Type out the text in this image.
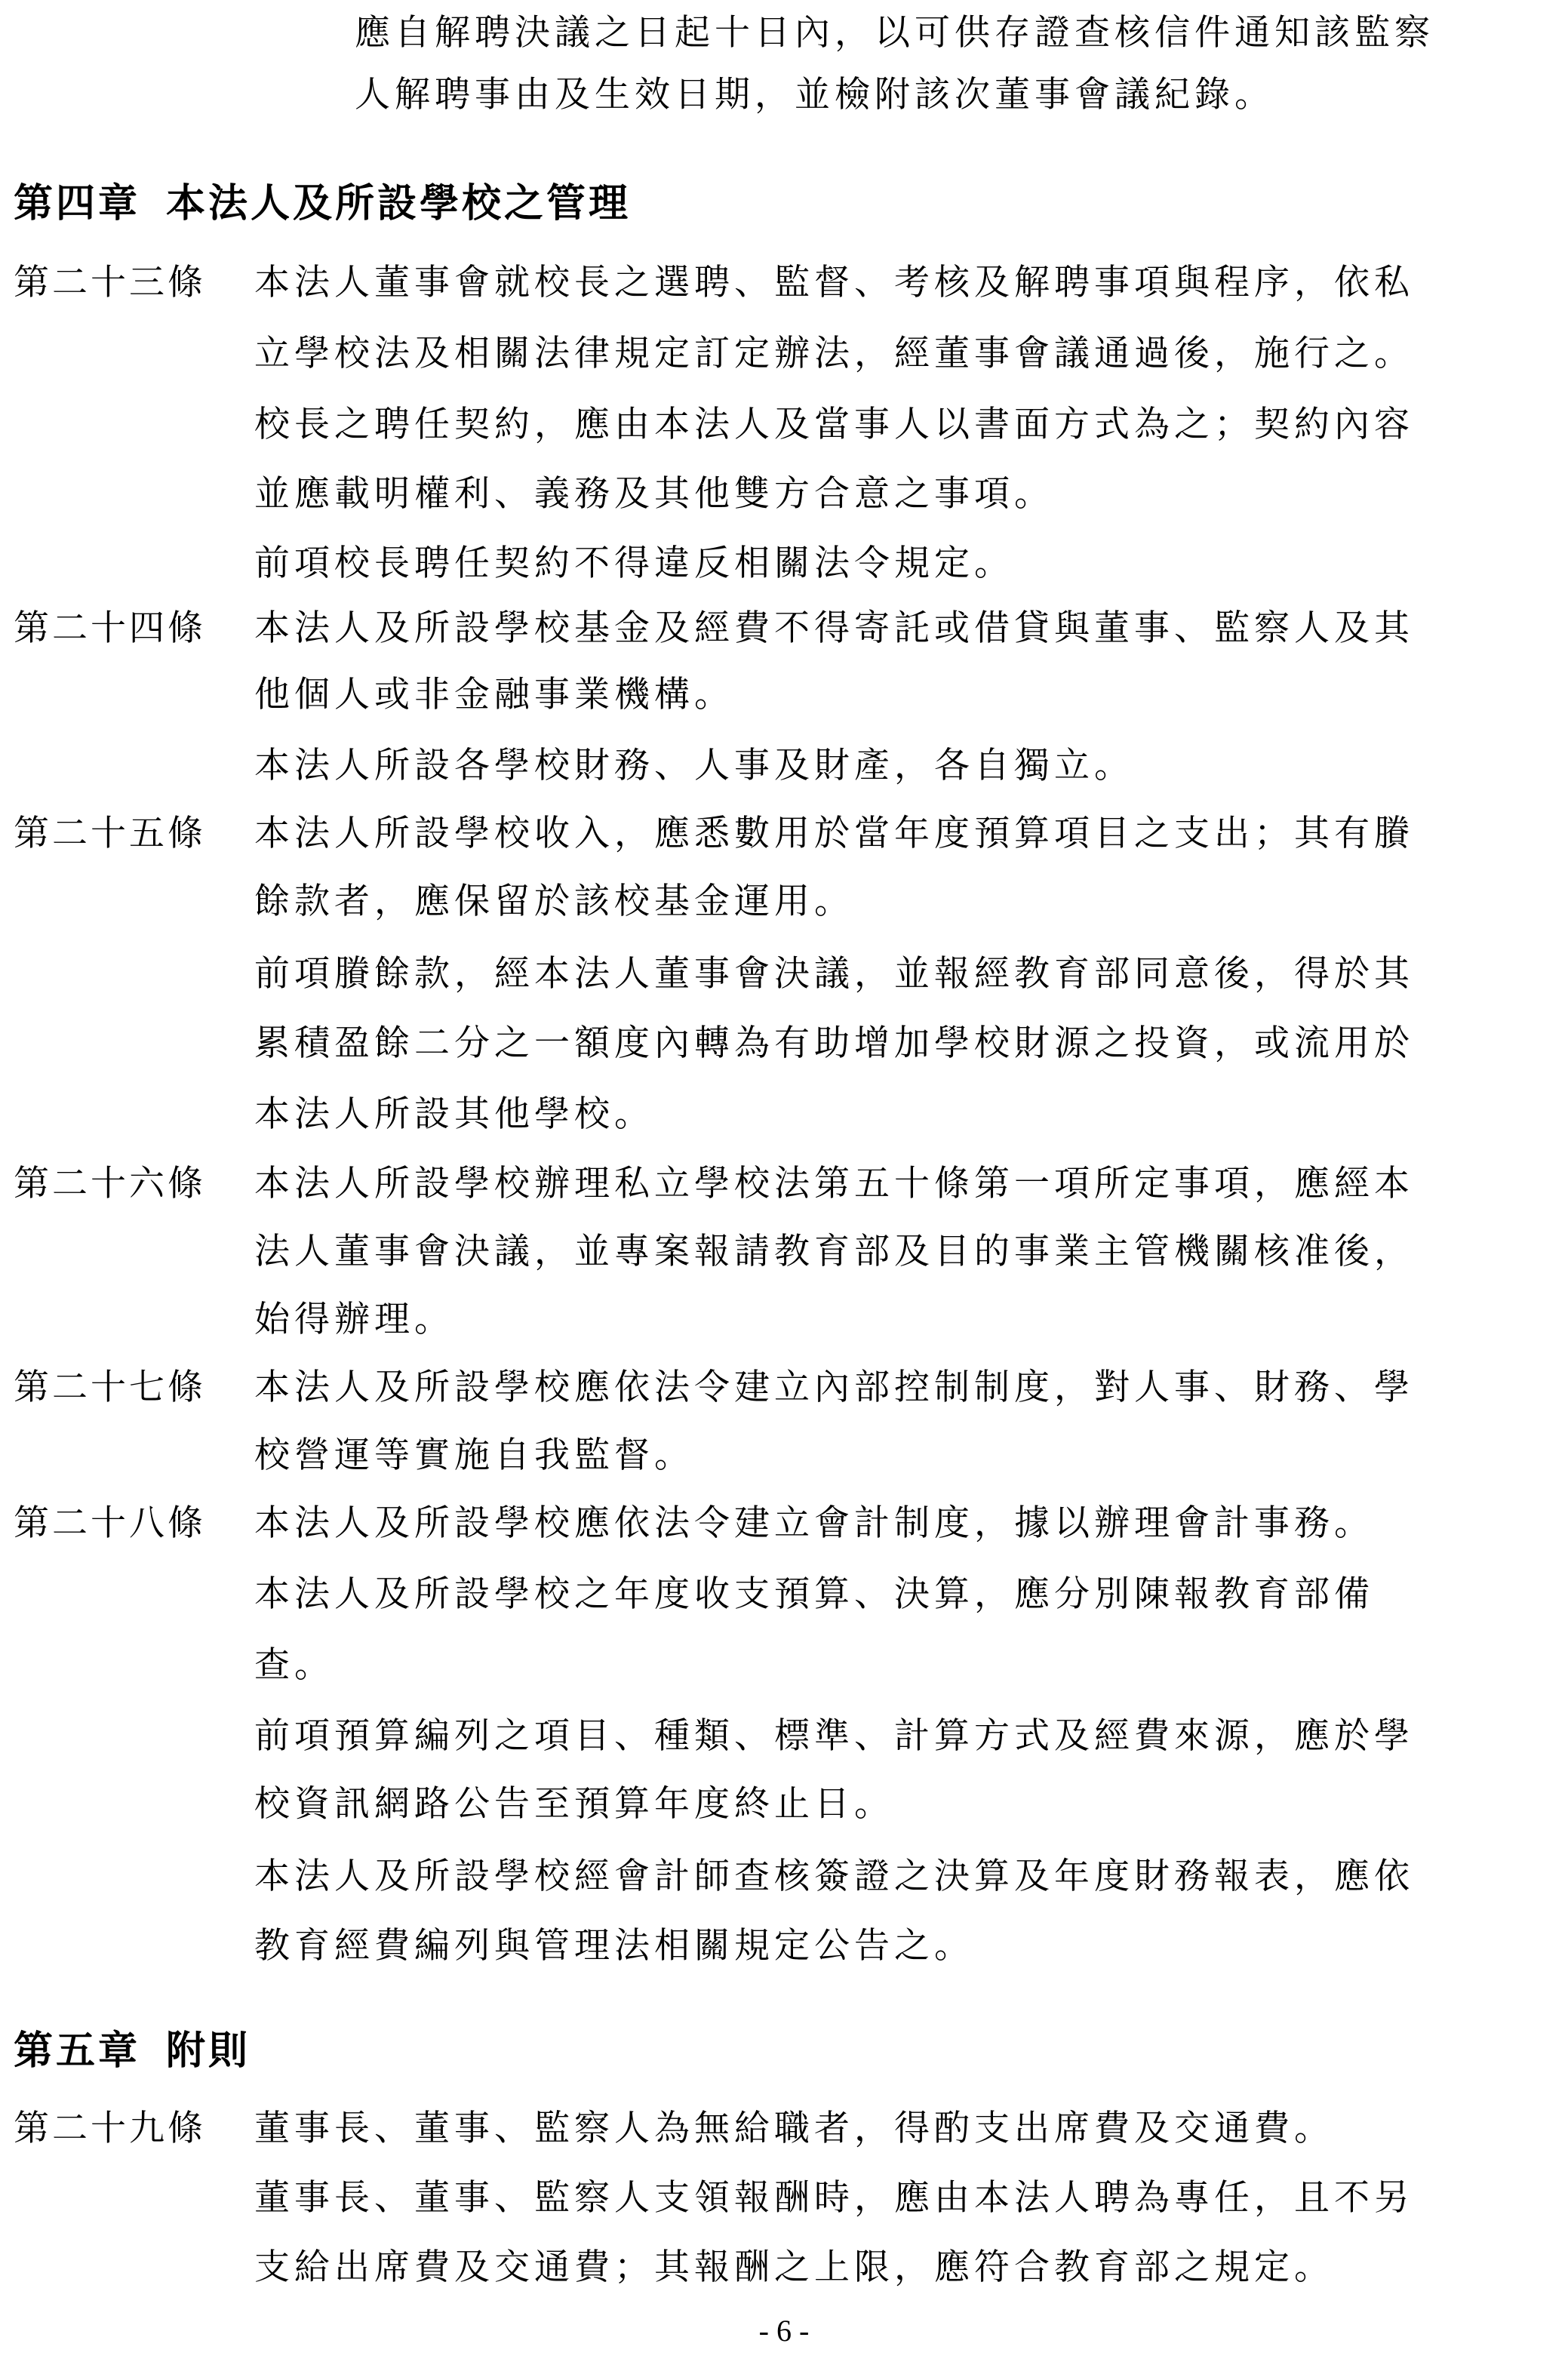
應自解聘決議之日起十日內，以可供存證查核信件通知該監察
人解聘事由及生效日期，並檢附該次董事會議紀錄。
第四章 本法人及所設學校之管理
第二十三條 本法人董事會就校長之選聘、監督、考核及解聘事項與程序，依私
立學校法及相關法律規定訂定辦法，經董事會議通過後，施行之。
校長之聘任契約，應由本法人及當事人以書面方式為之；契約內容
並應載明權利、義務及其他雙方合意之事項。
前項校長聘任契約不得違反相關法令規定。
第二十四條 本法人及所設學校基金及經費不得寄託或借貸與董事、監察人及其
他個人或非金融事業機構。
本法人所設各學校財務、人事及財產，各自獨立。
第二十五條 本法人所設學校收入，應悉數用於當年度預算項目之支出；其有賸
餘款者，應保留於該校基金運用。
前項賸餘款，經本法人董事會決議，並報經教育部同意後，得於其
累積盈餘二分之一額度內轉為有助增加學校財源之投資，或流用於
本法人所設其他學校。
第二十六條 本法人所設學校辦理私立學校法第五十條第一項所定事項，應經本
法人董事會決議，並專案報請教育部及目的事業主管機關核准後，
始得辦理。
第二十七條 本法人及所設學校應依法令建立內部控制制度，對人事、財務、學
校營運等實施自我監督。
第二十八條 本法人及所設學校應依法令建立會計制度，據以辦理會計事務。
本法人及所設學校之年度收支預算、決算，應分別陳報教育部備
查。
前項預算編列之項目、種類、標準、計算方式及經費來源，應於學
校資訊網路公告至預算年度終止日。
本法人及所設學校經會計師查核簽證之決算及年度財務報表，應依
教育經費編列與管理法相關規定公告之。
第五章 附則
第二十九條 董事長、董事、監察人為無給職者，得酌支出席費及交通費。
董事長、董事、監察人支領報酬時，應由本法人聘為專任，且不另
支給出席費及交通費；其報酬之上限，應符合教育部之規定。
- 6 -
